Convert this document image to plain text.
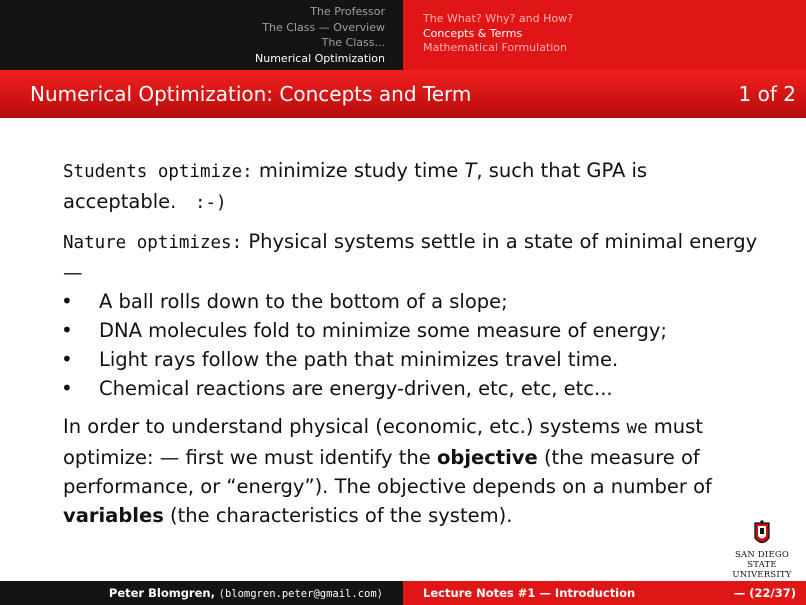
The Professor
The Class — Overview
The Class...
Numerical Optimization
The What? Why? and How?
Concepts & Terms
Mathematical Formulation
Numerical Optimization: Concepts and Term	1 of 2

Students optimize: minimize study time T, such that GPA is acceptable. :-)

Nature optimizes: Physical systems settle in a state of minimal energy —

• A ball rolls down to the bottom of a slope;
• DNA molecules fold to minimize some measure of energy;
• Light rays follow the path that minimizes travel time.
• Chemical reactions are energy-driven, etc, etc, etc...

In order to understand physical (economic, etc.) systems we must optimize: — first we must identify the objective (the measure of performance, or “energy”). The objective depends on a number of variables (the characteristics of the system).

SAN DIEGO STATE
UNIVERSITY
Peter Blomgren, ⟨blomgren.peter@gmail.com⟩	Lecture Notes #1 — Introduction	— (22/37)
